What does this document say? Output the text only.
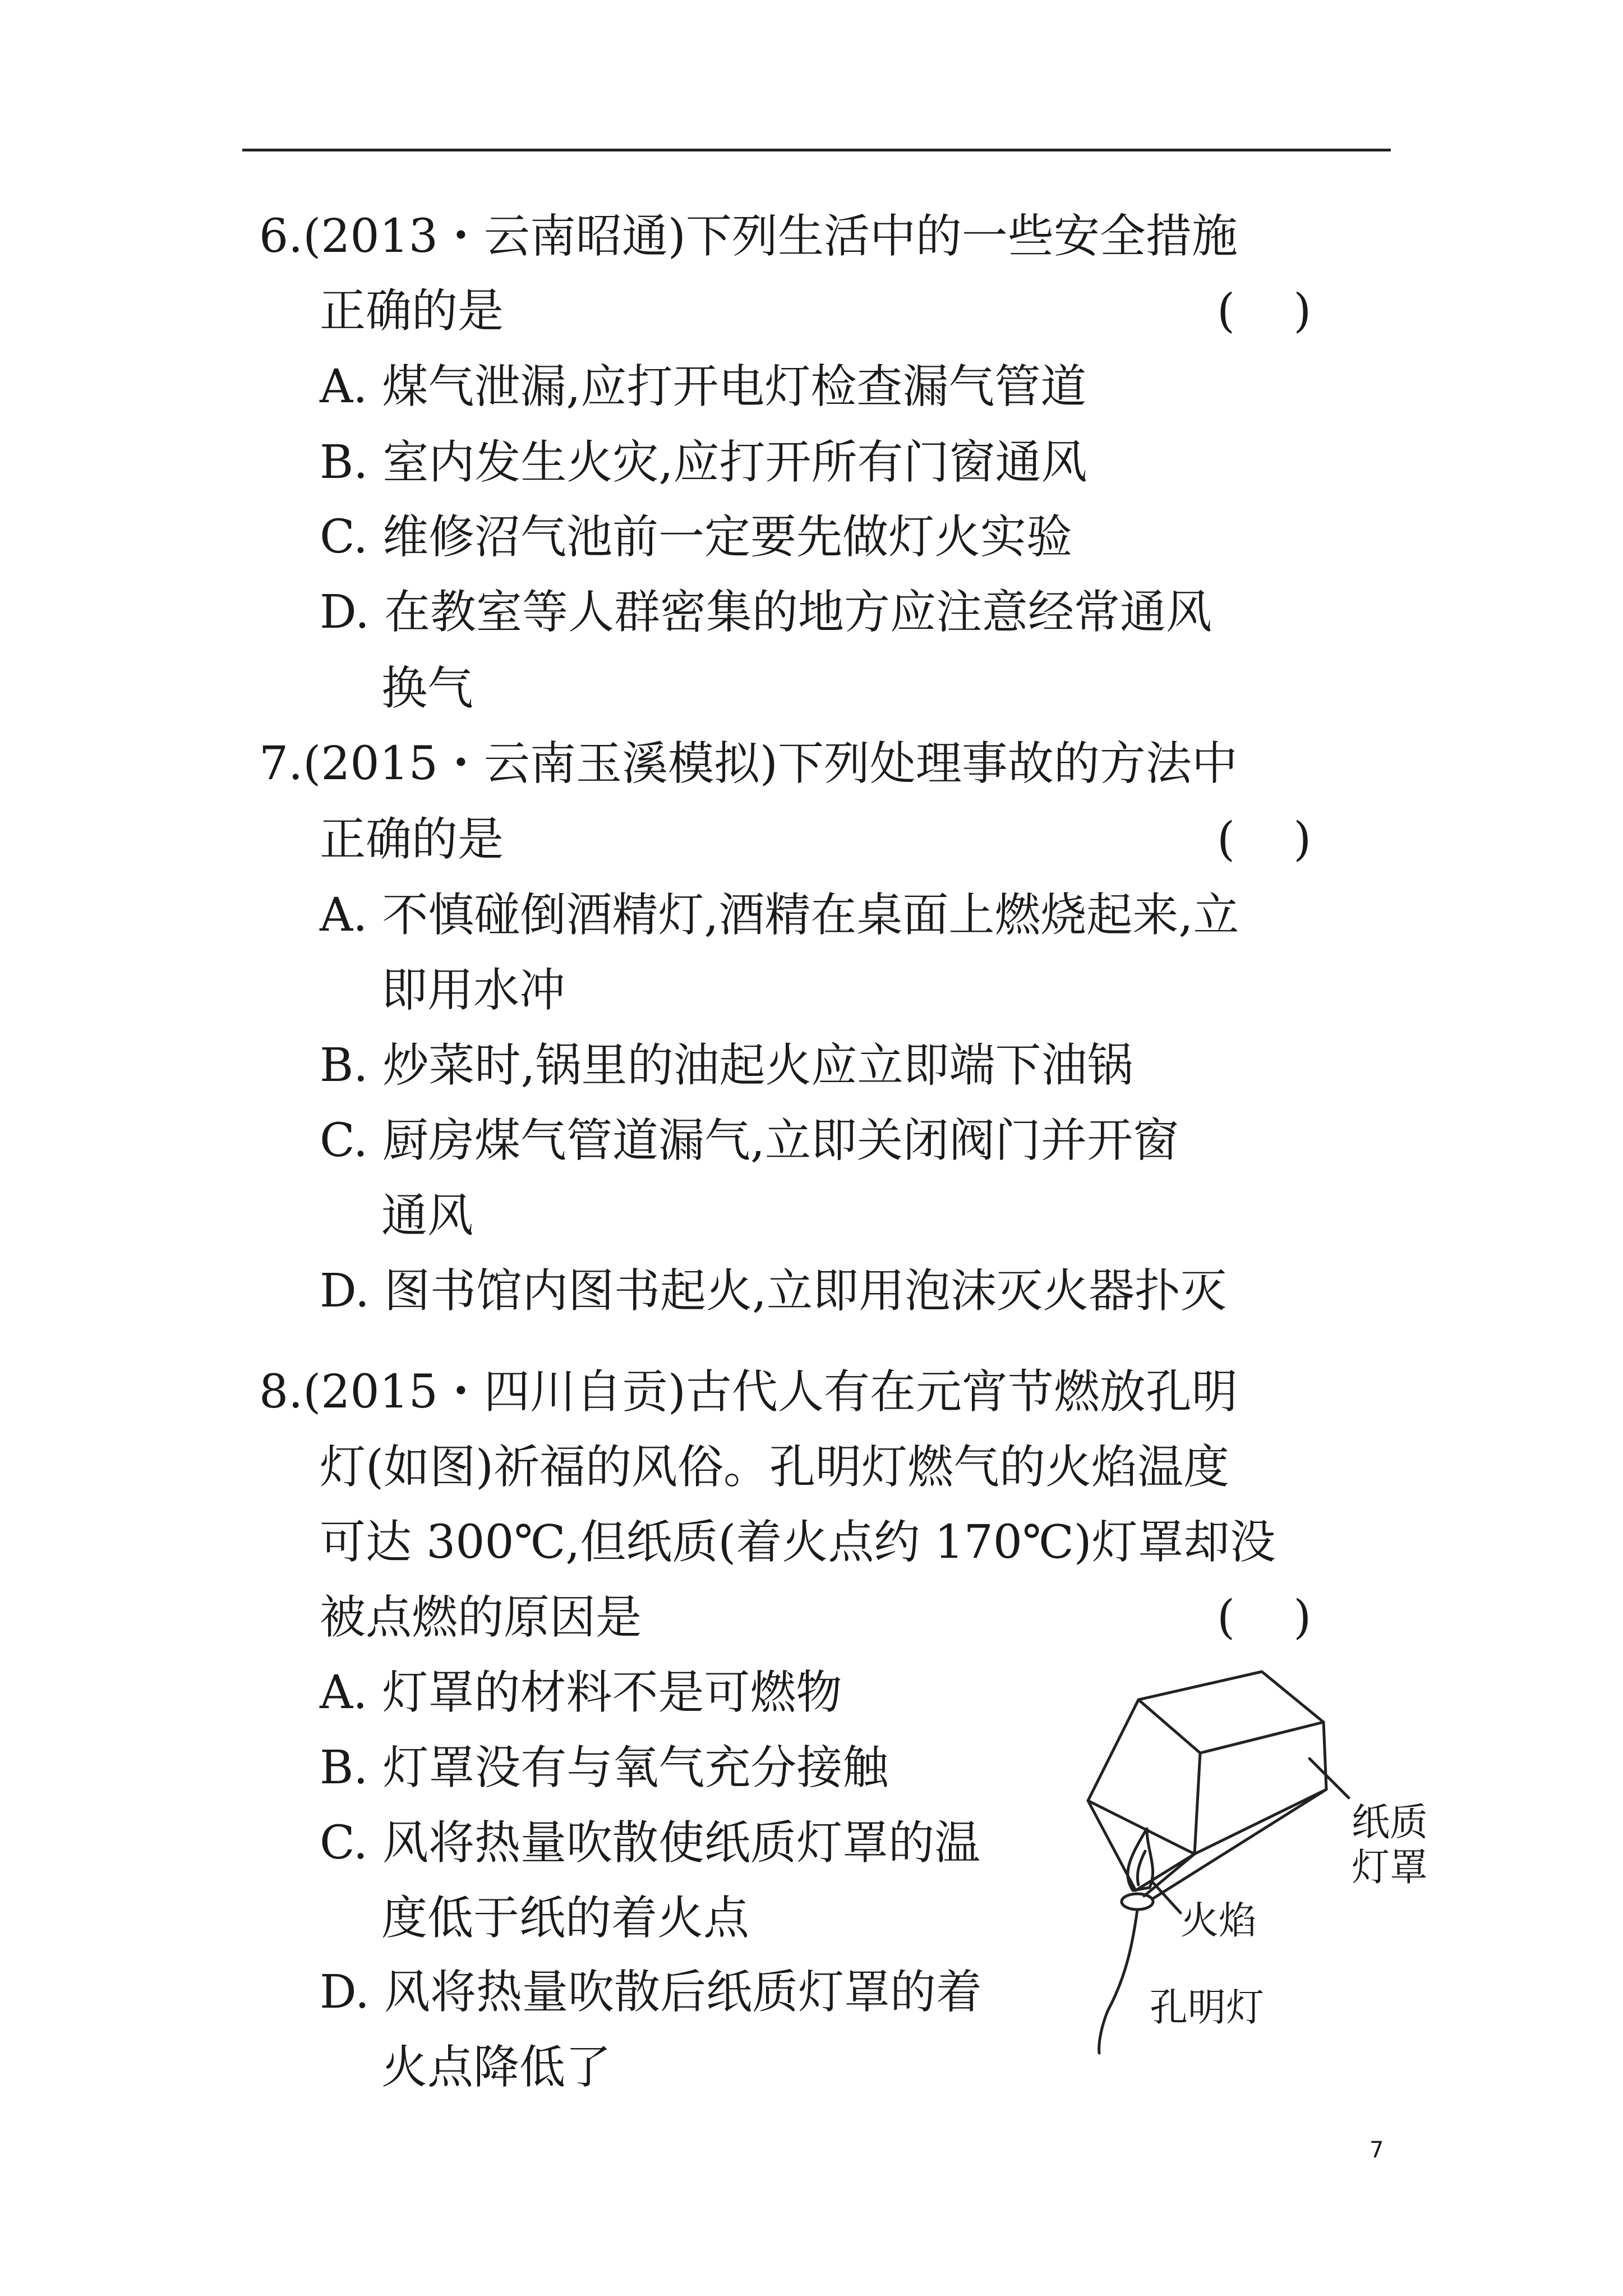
6.(2013・云南昭通)下列生活中的一些安全措施
正确的是	(    )
A. 煤气泄漏,应打开电灯检查漏气管道
B. 室内发生火灾,应打开所有门窗通风
C. 维修沼气池前一定要先做灯火实验
D. 在教室等人群密集的地方应注意经常通风
换气
7.(2015・云南玉溪模拟)下列处理事故的方法中
正确的是	(    )
A. 不慎碰倒酒精灯,酒精在桌面上燃烧起来,立
即用水冲
B. 炒菜时,锅里的油起火应立即端下油锅
C. 厨房煤气管道漏气,立即关闭阀门并开窗
通风
D. 图书馆内图书起火,立即用泡沫灭火器扑灭
8.(2015・四川自贡)古代人有在元宵节燃放孔明
灯(如图)祈福的风俗。孔明灯燃气的火焰温度
可达 300℃,但纸质(着火点约 170℃)灯罩却没
被点燃的原因是	(    )
A. 灯罩的材料不是可燃物
B. 灯罩没有与氧气充分接触
C. 风将热量吹散使纸质灯罩的温
度低于纸的着火点
D. 风将热量吹散后纸质灯罩的着
火点降低了
纸质
灯罩
火焰
孔明灯
7
